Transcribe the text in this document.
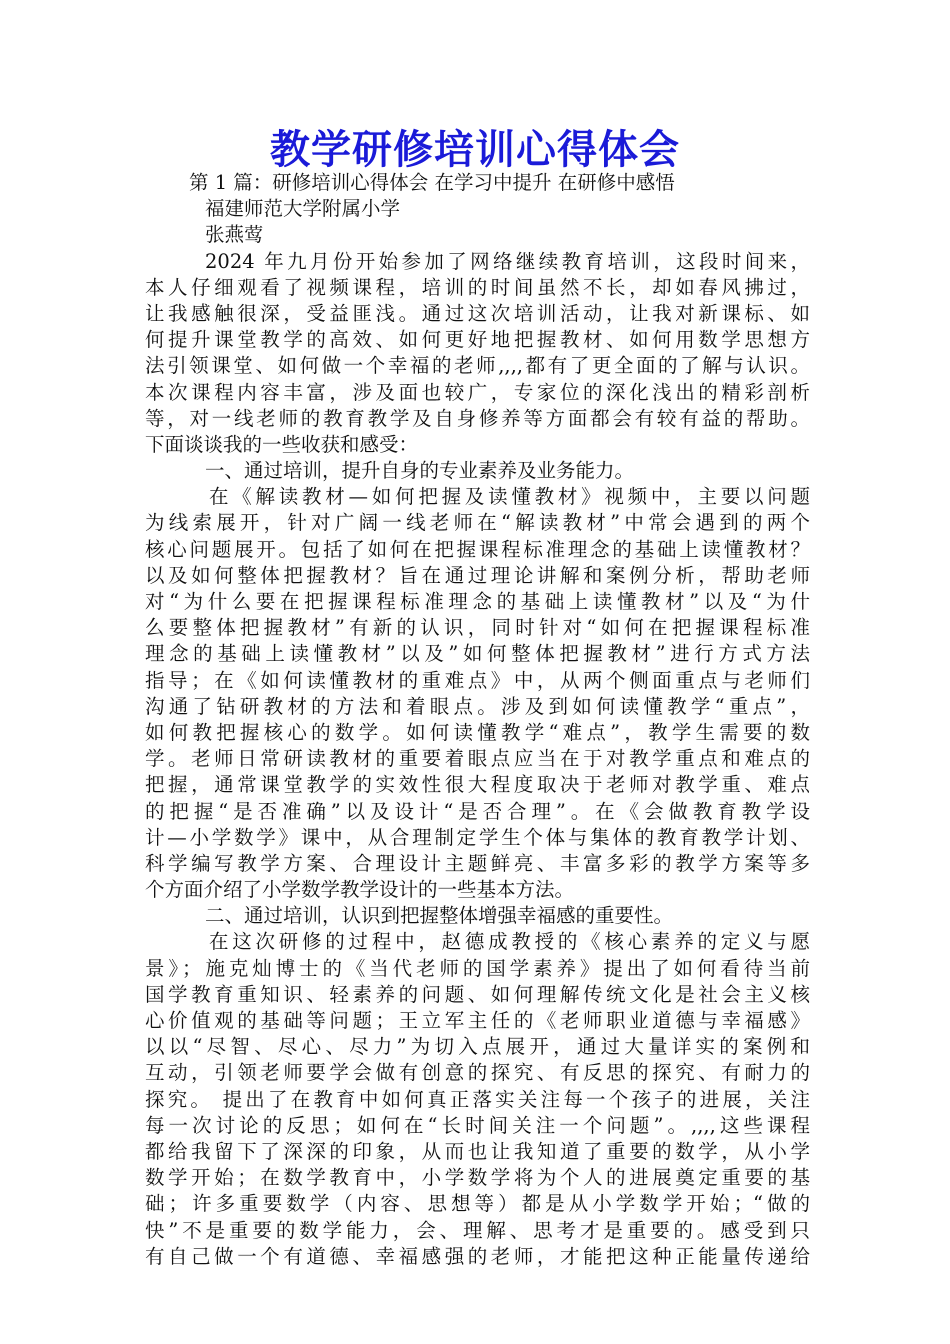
教学研修培训心得体会
第 1 篇：研修培训心得体会 在学习中提升 在研修中感悟
福建师范大学附属小学
张燕莺
2024 年九月份开始参加了网络继续教育培训，这段时间来，
本人仔细观看了视频课程，培训的时间虽然不长，却如春风拂过，
让我感触很深，受益匪浅。通过这次培训活动，让我对新课标、如
何提升课堂教学的高效、如何更好地把握教材、如何用数学思想方
法引领课堂、如何做一个幸福的老师,,,,都有了更全面的了解与认识。
本次课程内容丰富，涉及面也较广，专家位的深化浅出的精彩剖析
等，对一线老师的教育教学及自身修养等方面都会有较有益的帮助。
下面谈谈我的一些收获和感受：
一、通过培训，提升自身的专业素养及业务能力。
在《解读教材—如何把握及读懂教材》视频中，主要以问题
为线索展开，针对广阔一线老师在“解读教材”中常会遇到的两个
核心问题展开。包括了如何在把握课程标准理念的基础上读懂教材？
以及如何整体把握教材？旨在通过理论讲解和案例分析，帮助老师
对“为什么要在把握课程标准理念的基础上读懂教材”以及“为什
么要整体把握教材”有新的认识，同时针对“如何在把握课程标准
理念的基础上读懂教材”以及”如何整体把握教材”进行方式方法
指导；在《如何读懂教材的重难点》中，从两个侧面重点与老师们
沟通了钻研教材的方法和着眼点。涉及到如何读懂教学“重点”，
如何教把握核心的数学。如何读懂教学“难点”，教学生需要的数
学。老师日常研读教材的重要着眼点应当在于对教学重点和难点的
把握，通常课堂教学的实效性很大程度取决于老师对教学重、难点
的把握“是否准确”以及设计“是否合理”。在《会做教育教学设
计—小学数学》课中，从合理制定学生个体与集体的教育教学计划、
科学编写教学方案、合理设计主题鲜亮、丰富多彩的教学方案等多
个方面介绍了小学数学教学设计的一些基本方法。
二、通过培训，认识到把握整体增强幸福感的重要性。
在这次研修的过程中，赵德成教授的《核心素养的定义与愿
景》；施克灿博士的《当代老师的国学素养》提出了如何看待当前
国学教育重知识、轻素养的问题、如何理解传统文化是社会主义核
心价值观的基础等问题；王立军主任的《老师职业道德与幸福感》
以以“尽智、尽心、尽力”为切入点展开，通过大量详实的案例和
互动，引领老师要学会做有创意的探究、有反思的探究、有耐力的
探究。 提出了在教育中如何真正落实关注每一个孩子的进展，关注
每一次讨论的反思；如何在“长时间关注一个问题”。,,,,这些课程
都给我留下了深深的印象，从而也让我知道了重要的数学，从小学
数学开始；在数学教育中，小学数学将为个人的进展奠定重要的基
础；许多重要数学（内容、思想等）都是从小学数学开始；“做的
快”不是重要的数学能力，会、理解、思考才是重要的。感受到只
有自己做一个有道德、幸福感强的老师，才能把这种正能量传递给
